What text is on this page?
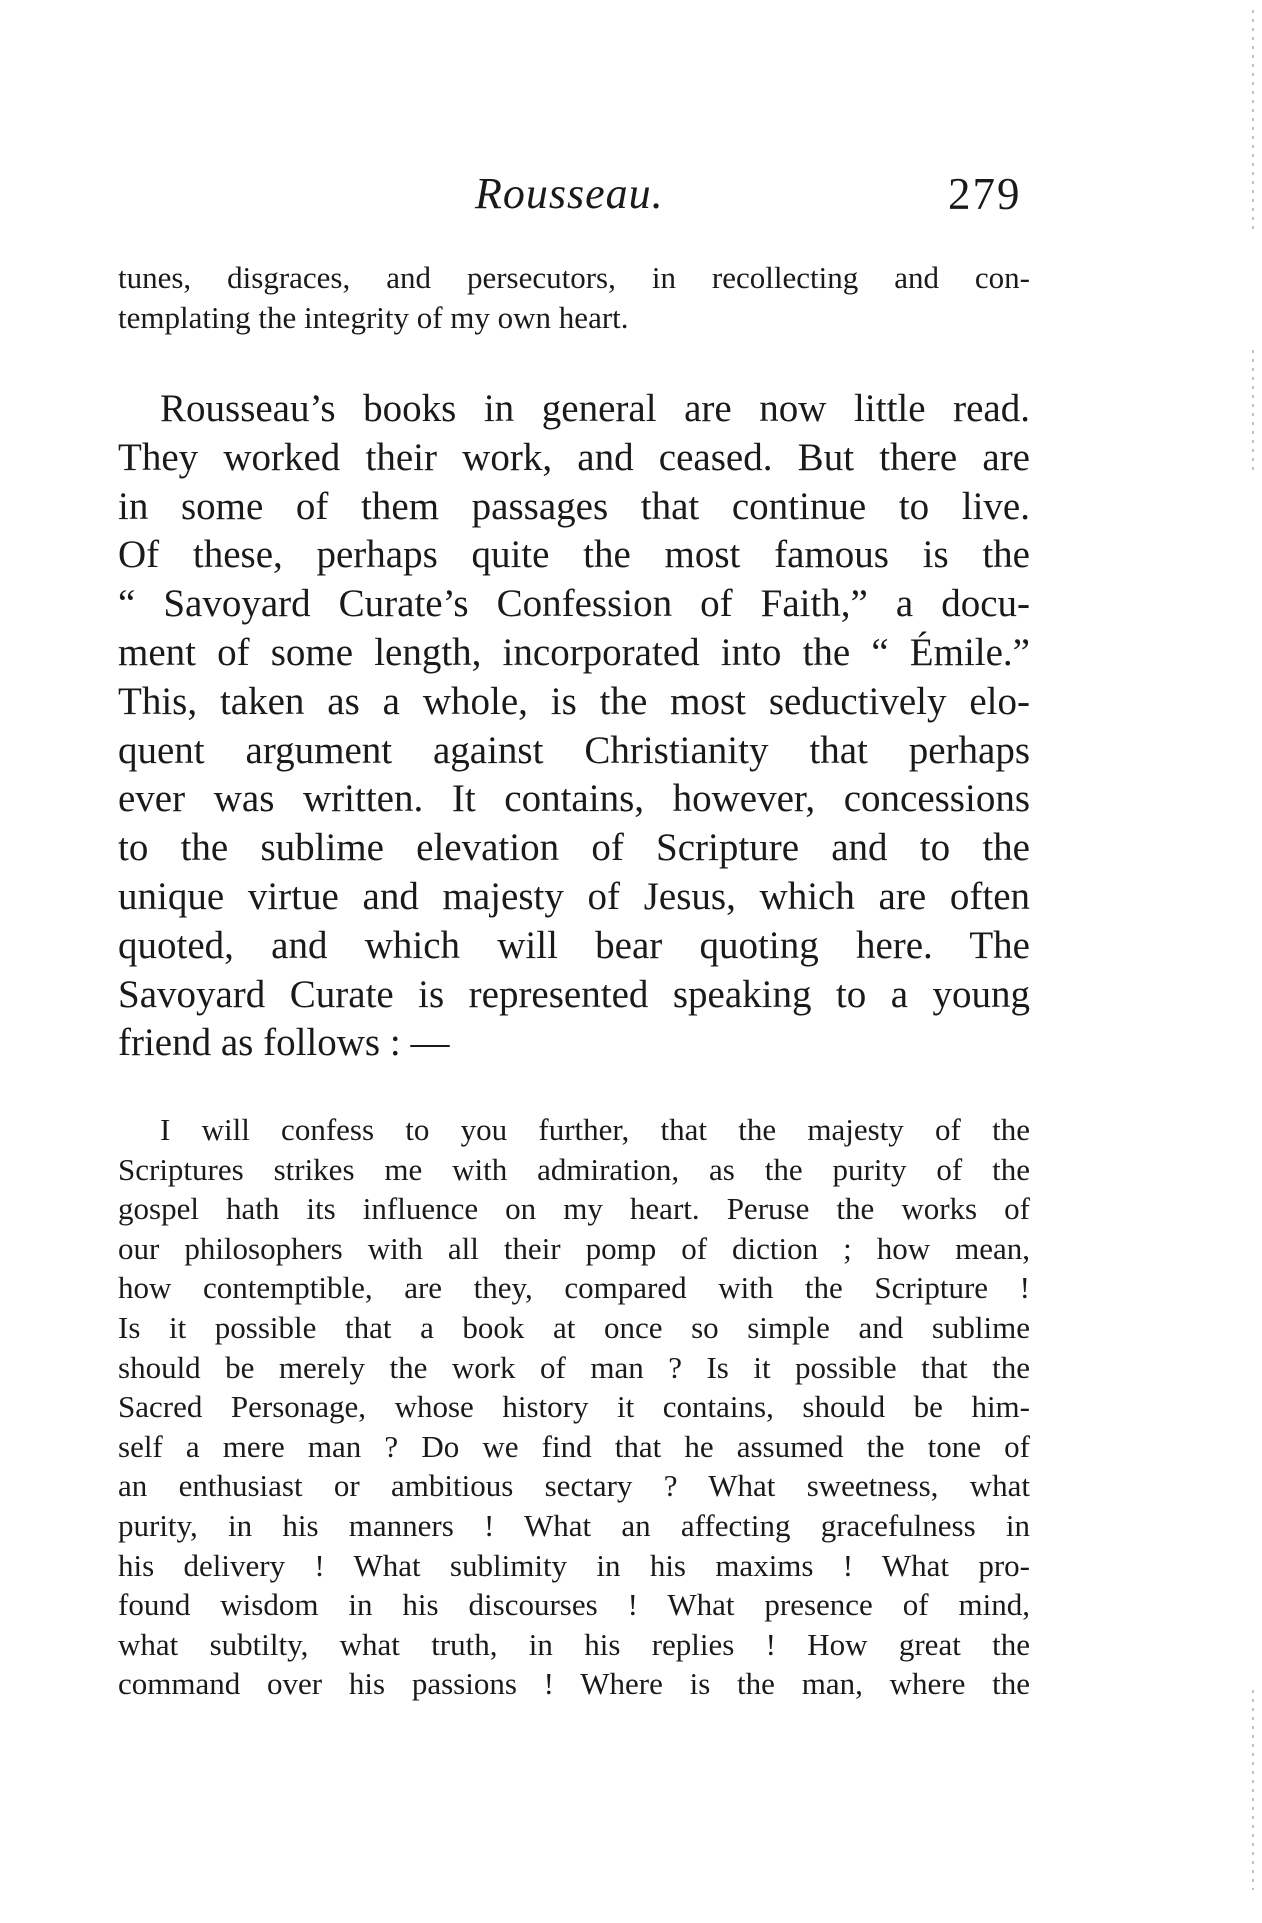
Rousseau.	279
tunes, disgraces, and persecutors, in recollecting and con-
templating the integrity of my own heart.
Rousseau’s books in general are now little read.
They worked their work, and ceased. But there are
in some of them passages that continue to live.
Of these, perhaps quite the most famous is the
“ Savoyard Curate’s Confession of Faith,” a docu-
ment of some length, incorporated into the “ Émile.”
This, taken as a whole, is the most seductively elo-
quent argument against Christianity that perhaps
ever was written. It contains, however, concessions
to the sublime elevation of Scripture and to the
unique virtue and majesty of Jesus, which are often
quoted, and which will bear quoting here. The
Savoyard Curate is represented speaking to a young
friend as follows : —
I will confess to you further, that the majesty of the
Scriptures strikes me with admiration, as the purity of the
gospel hath its influence on my heart. Peruse the works of
our philosophers with all their pomp of diction ; how mean,
how contemptible, are they, compared with the Scripture !
Is it possible that a book at once so simple and sublime
should be merely the work of man ? Is it possible that the
Sacred Personage, whose history it contains, should be him-
self a mere man ? Do we find that he assumed the tone of
an enthusiast or ambitious sectary ? What sweetness, what
purity, in his manners ! What an affecting gracefulness in
his delivery ! What sublimity in his maxims ! What pro-
found wisdom in his discourses ! What presence of mind,
what subtilty, what truth, in his replies ! How great the
command over his passions ! Where is the man, where the
